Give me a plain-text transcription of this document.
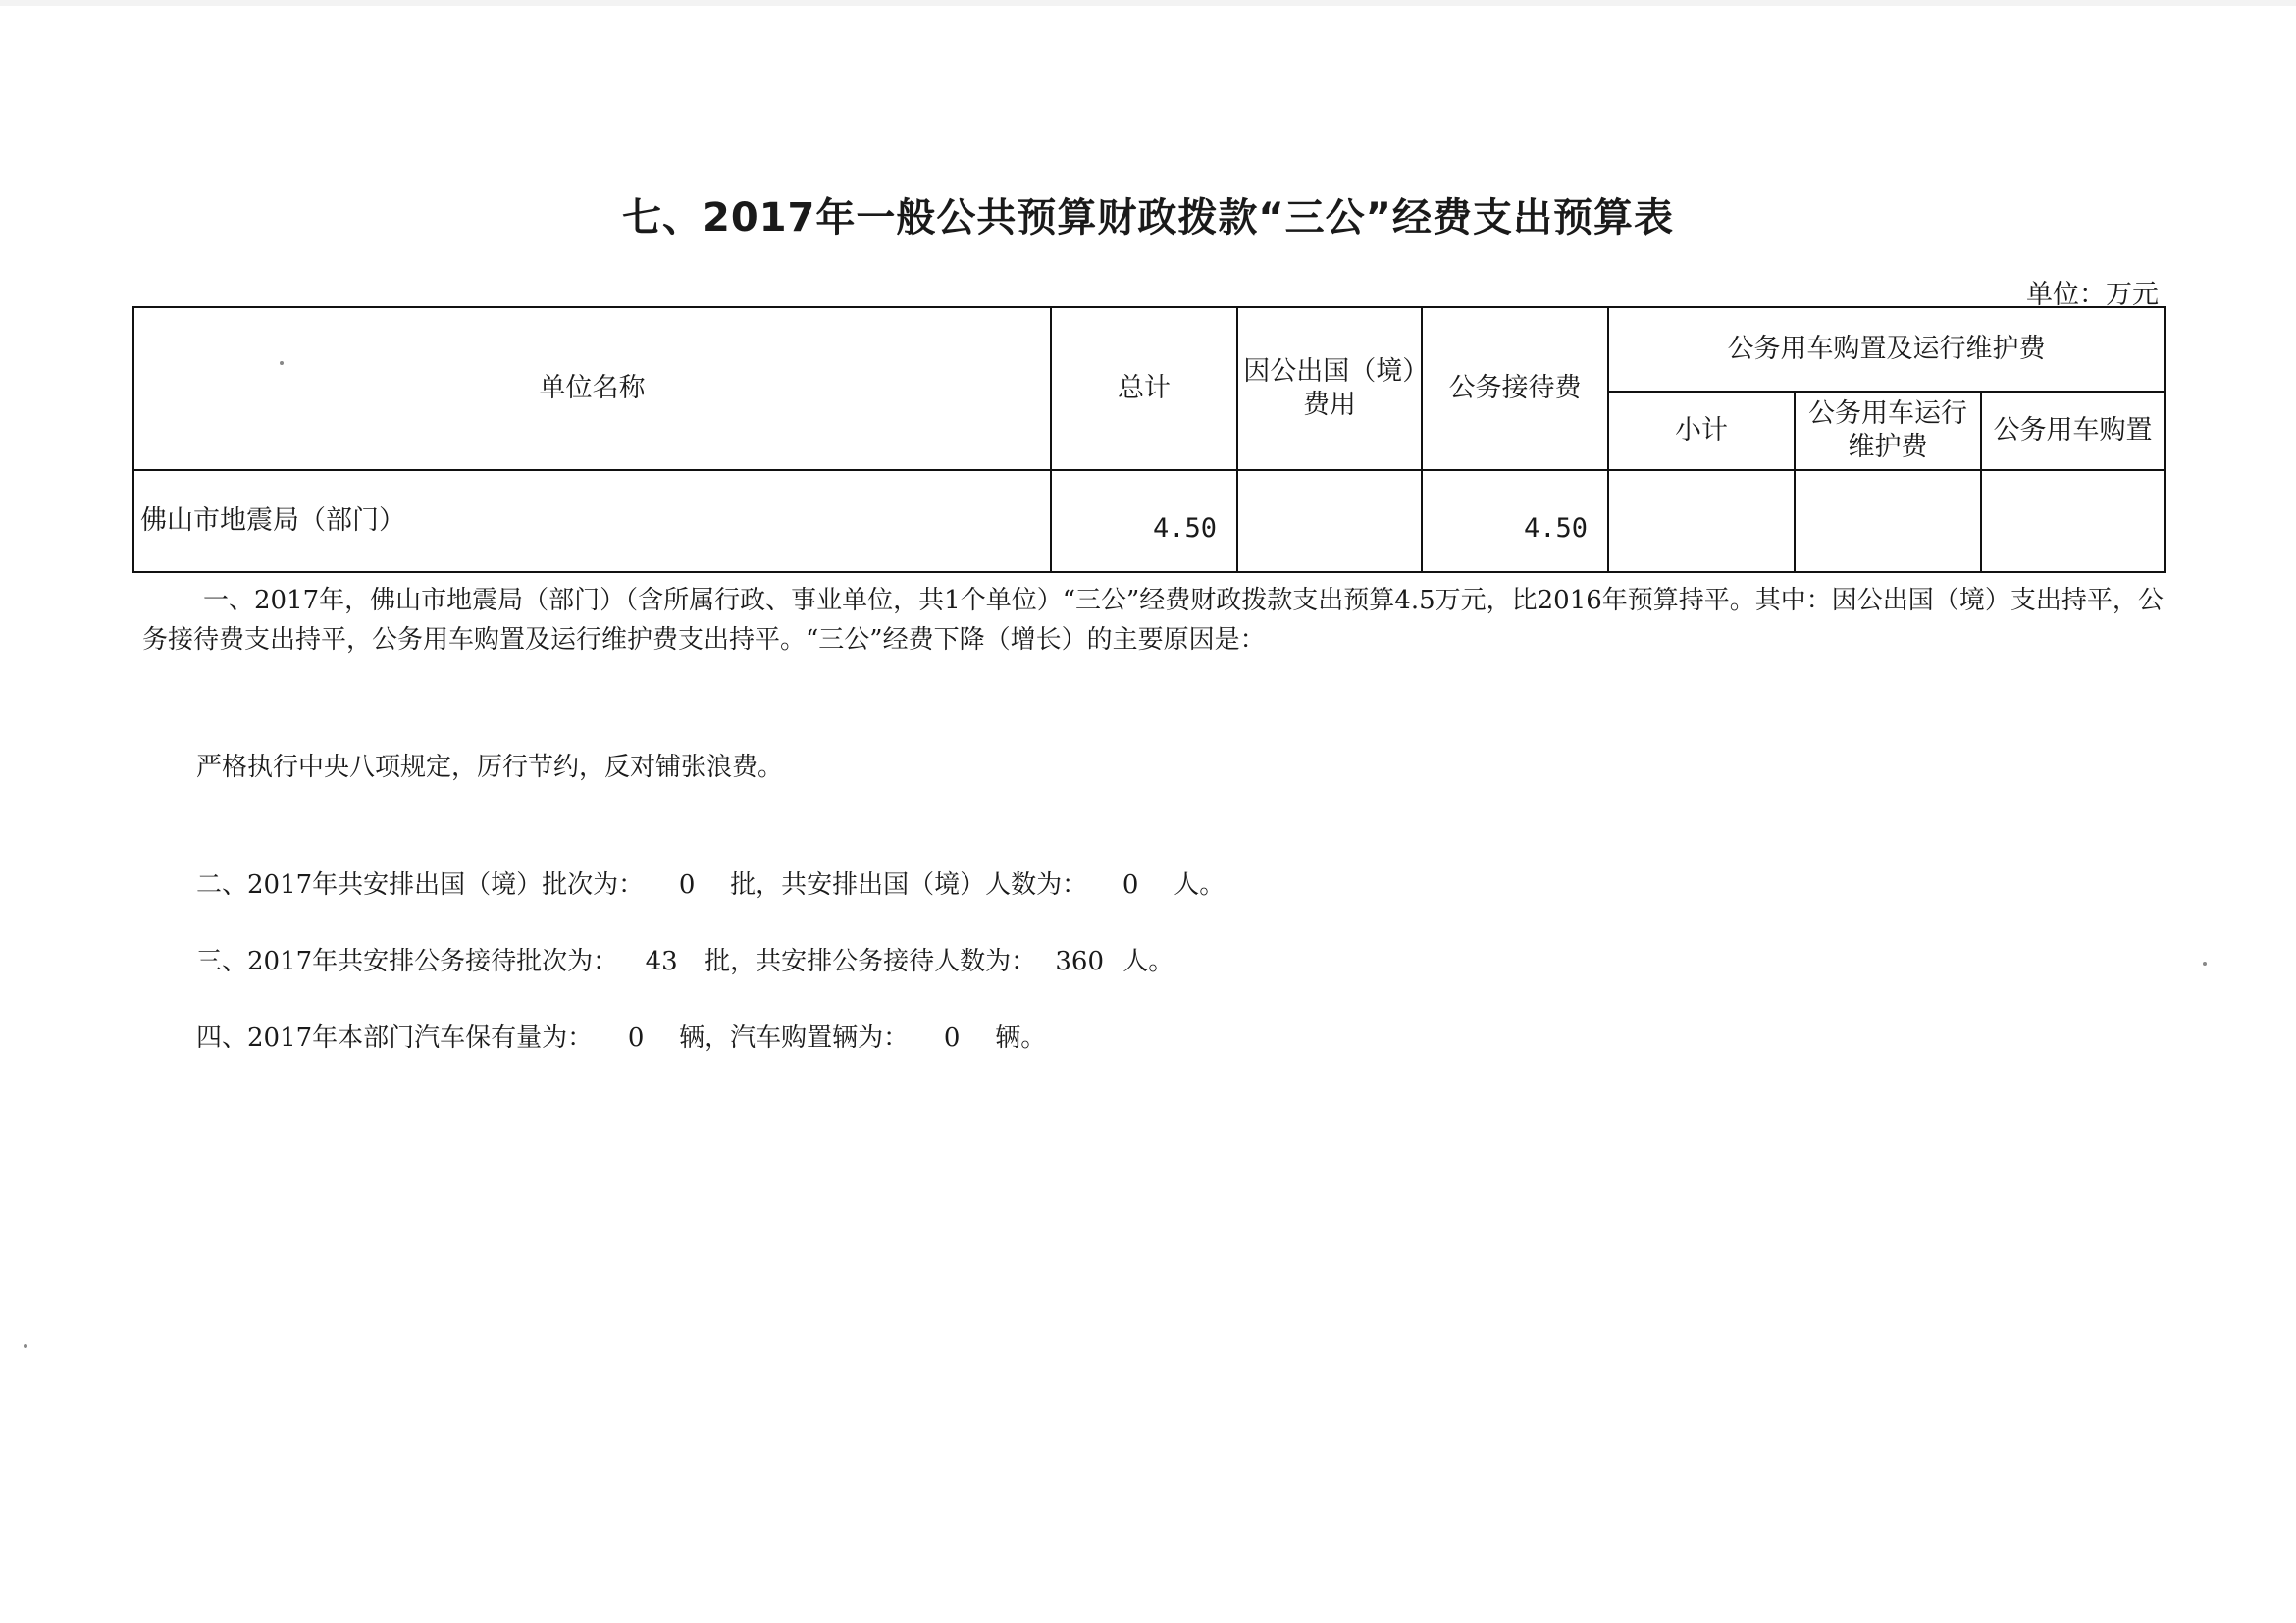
七、2017年一般公共预算财政拨款“三公”经费支出预算表
单位：万元
单位名称	总计	因公出国（境）费用	公务接待费	公务用车购置及运行维护费		
				小计	公务用车运行维护费	公务用车购置
佛山市地震局（部门）	4.50		4.50			
一、2017年，佛山市地震局（部门）（含所属行政、事业单位，共1个单位）“三公”经费财政拨款支出预算4.5万元，比2016年预算持平。其中：因公出国（境）支出持平，公务接待费支出持平，公务用车购置及运行维护费支出持平。“三公”经费下降（增长）的主要原因是：
严格执行中央八项规定，厉行节约，反对铺张浪费。
二、2017年共安排出国（境）批次为： 0 批，共安排出国（境）人数为： 0 人。
三、2017年共安排公务接待批次为： 43 批，共安排公务接待人数为： 360 人。
四、2017年本部门汽车保有量为： 0 辆，汽车购置辆为： 0 辆。
